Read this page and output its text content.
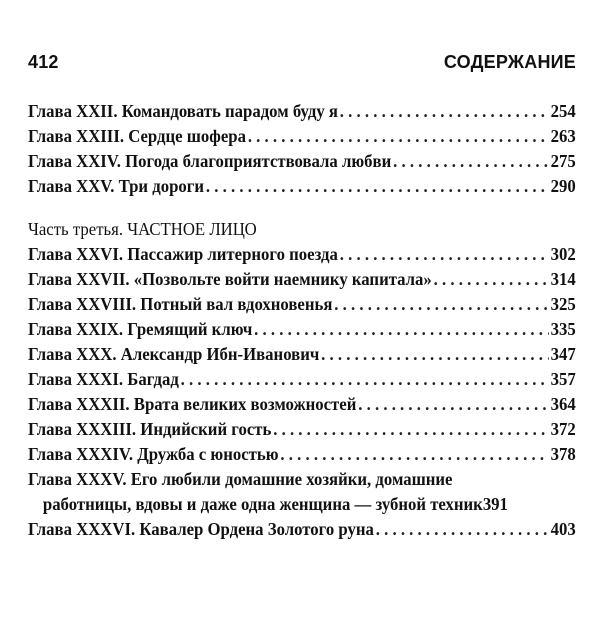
412	СОДЕРЖАНИЕ
Глава XXII. Командовать парадом буду я . . .	254
Глава XXIII. Сердце шофера . . .	263
Глава XXIV. Погода благоприятствовала любви . . .	275
Глава XXV. Три дороги . . .	290
Часть третья. ЧАСТНОЕ ЛИЦО
Глава XXVI. Пассажир литерного поезда . . .	302
Глава XXVII. «Позвольте войти наемнику капитала» . . .	314
Глава XXVIII. Потный вал вдохновенья . . .	325
Глава XXIX. Гремящий ключ . . .	335
Глава XXX. Александр Ибн-Иванович . . .	347
Глава XXXI. Багдад . . .	357
Глава XXXII. Врата великих возможностей . . .	364
Глава XXXIII. Индийский гость . . .	372
Глава XXXIV. Дружба с юностью . . .	378
Глава XXXV. Его любили домашние хозяйки, домашние
работницы, вдовы и даже одна женщина — зубной техник 391
Глава XXXVI. Кавалер Ордена Золотого руна . . .	403
